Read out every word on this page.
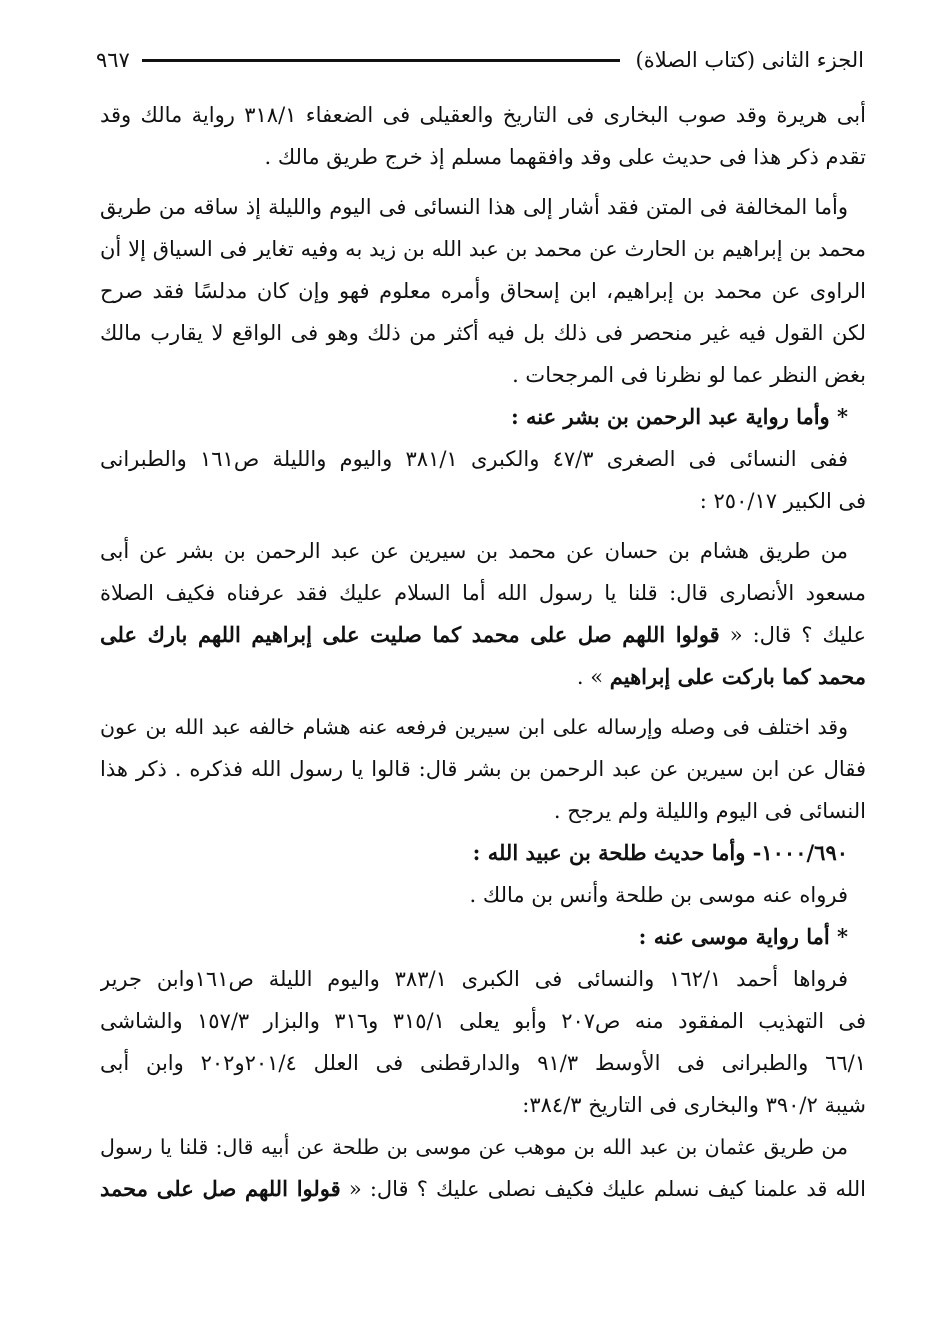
الجزء الثانى (كتاب الصلاة)
٩٦٧
أبى هريرة وقد صوب البخارى فى التاريخ والعقيلى فى الضعفاء ٣١٨/١ رواية مالك وقد
تقدم ذكر هذا فى حديث على وقد وافقهما مسلم إذ خرج طريق مالك .
وأما المخالفة فى المتن فقد أشار إلى هذا النسائى فى اليوم والليلة إذ ساقه من طريق
محمد بن إبراهيم بن الحارث عن محمد بن عبد الله بن زيد به وفيه تغاير فى السياق إلا أن
الراوى عن محمد بن إبراهيم، ابن إسحاق وأمره معلوم فهو وإن كان مدلسًا فقد صرح
لكن القول فيه غير منحصر فى ذلك بل فيه أكثر من ذلك وهو فى الواقع لا يقارب مالك
بغض النظر عما لو نظرنا فى المرجحات .
* وأما رواية عبد الرحمن بن بشر عنه :
ففى النسائى فى الصغرى ٤٧/٣ والكبرى ٣٨١/١ واليوم والليلة ص١٦١ والطبرانى
فى الكبير ٢٥٠/١٧ :
من طريق هشام بن حسان عن محمد بن سيرين عن عبد الرحمن بن بشر عن أبى
مسعود الأنصارى قال: قلنا يا رسول الله أما السلام عليك فقد عرفناه فكيف الصلاة
عليك ؟ قال: « قولوا اللهم صل على محمد كما صليت على إبراهيم اللهم بارك على
محمد كما باركت على إبراهيم » .
وقد اختلف فى وصله وإرساله على ابن سيرين فرفعه عنه هشام خالفه عبد الله بن عون
فقال عن ابن سيرين عن عبد الرحمن بن بشر قال: قالوا يا رسول الله فذكره . ذكر هذا
النسائى فى اليوم والليلة ولم يرجح .
١٠٠٠/٦٩٠- وأما حديث طلحة بن عبيد الله :
فرواه عنه موسى بن طلحة وأنس بن مالك .
* أما رواية موسى عنه :
فرواها أحمد ١٦٢/١ والنسائى فى الكبرى ٣٨٣/١ واليوم الليلة ص١٦١وابن جرير
فى التهذيب المفقود منه ص٢٠٧ وأبو يعلى ٣١٥/١ و٣١٦ والبزار ١٥٧/٣ والشاشى
٦٦/١ والطبرانى فى الأوسط ٩١/٣ والدارقطنى فى العلل ٢٠١/٤و٢٠٢ وابن أبى
شيبة ٣٩٠/٢ والبخارى فى التاريخ ٣٨٤/٣:
من طريق عثمان بن عبد الله بن موهب عن موسى بن طلحة عن أبيه قال: قلنا يا رسول
الله قد علمنا كيف نسلم عليك فكيف نصلى عليك ؟ قال: « قولوا اللهم صل على محمد
